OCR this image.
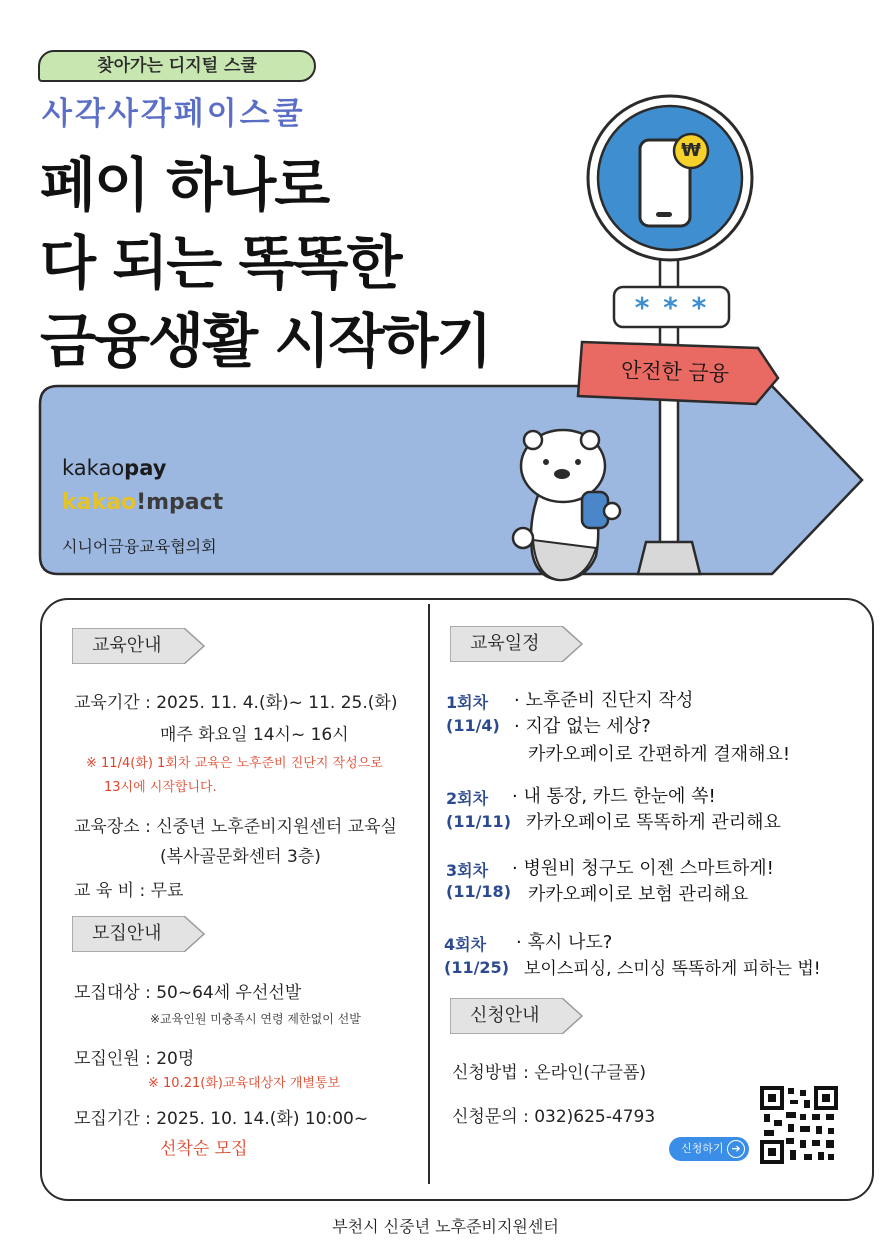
찾아가는 디지털 스쿨
사각사각페이스쿨
페이 하나로
다 되는 똑똑한
금융생활 시작하기
₩
* * *
안전한 금융
kakaopay
kakao!mpact
시니어금융교육협의회
교육안내
교육기간 : 2025. 11. 4.(화)~ 11. 25.(화)
매주 화요일 14시~ 16시
※ 11/4(화) 1회차 교육은 노후준비 진단지 작성으로
13시에 시작합니다.
교육장소 : 신중년 노후준비지원센터 교육실
(복사골문화센터 3층)
교 육 비 : 무료
모집안내
모집대상 : 50~64세 우선선발
※교육인원 미충족시 연령 제한없이 선발
모집인원 : 20명
※ 10.21(화)교육대상자 개별통보
모집기간 : 2025. 10. 14.(화) 10:00~
선착순 모집
교육일정
1회차
(11/4)
· 노후준비 진단지 작성
· 지갑 없는 세상?
카카오페이로 간편하게 결재해요!
2회차
(11/11)
· 내 통장, 카드 한눈에 쏙!
카카오페이로 똑똑하게 관리해요
3회차
(11/18)
· 병원비 청구도 이젠 스마트하게!
카카오페이로 보험 관리해요
4회차
(11/25)
· 혹시 나도?
보이스피싱, 스미싱 똑똑하게 피하는 법!
신청안내
신청방법 : 온라인(구글폼)
신청문의 : 032)625-4793
신청하기 ➔
부천시 신중년 노후준비지원센터
